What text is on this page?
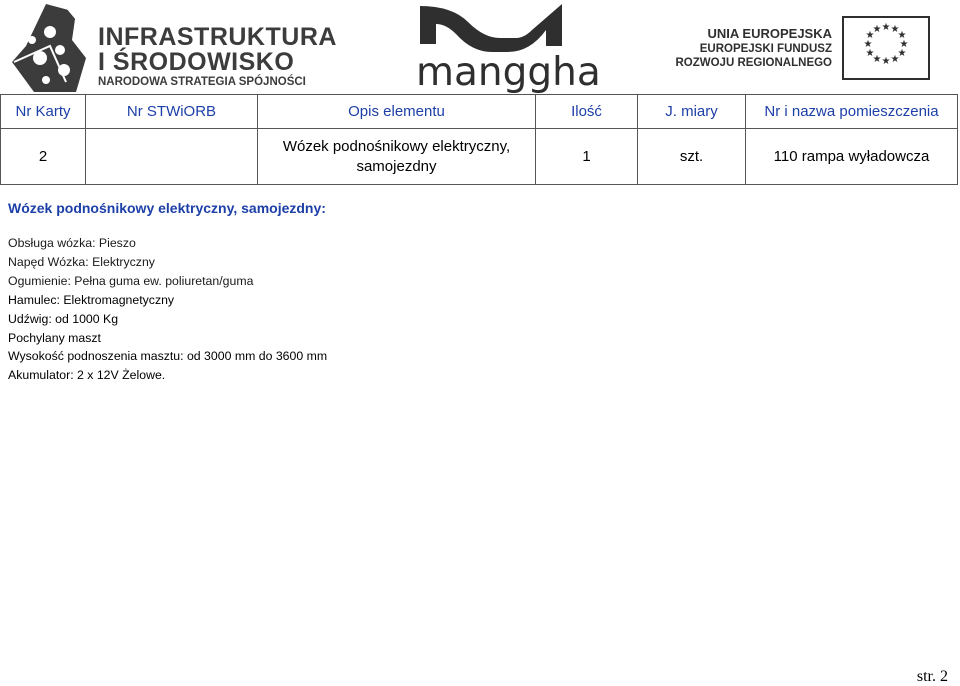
INFRASTRUKTURA
I ŚRODOWISKO
NARODOWA STRATEGIA SPÓJNOŚCI	manggha
UNIA EUROPEJSKA
EUROPEJSKI FUNDUSZ
ROZWOJU REGIONALNEGO
★ ★
★
★
★
★
★
★
★
★
★
★
Nr Karty	Nr STWiORB	Opis elementu	Ilość	J. miary	Nr i nazwa pomieszczenia
2		Wózek podnośnikowy elektryczny, samojezdny	1	szt.	110 rampa wyładowcza
Wózek podnośnikowy elektryczny, samojezdny:
Obsługa wózka: Pieszo
Napęd Wózka: Elektryczny
Ogumienie: Pełna guma ew. poliuretan/guma
Hamulec: Elektromagnetyczny
Udźwig: od 1000 Kg
Pochylany maszt
Wysokość podnoszenia masztu: od 3000 mm do 3600 mm
Akumulator: 2 x 12V Żelowe.
str. 2
